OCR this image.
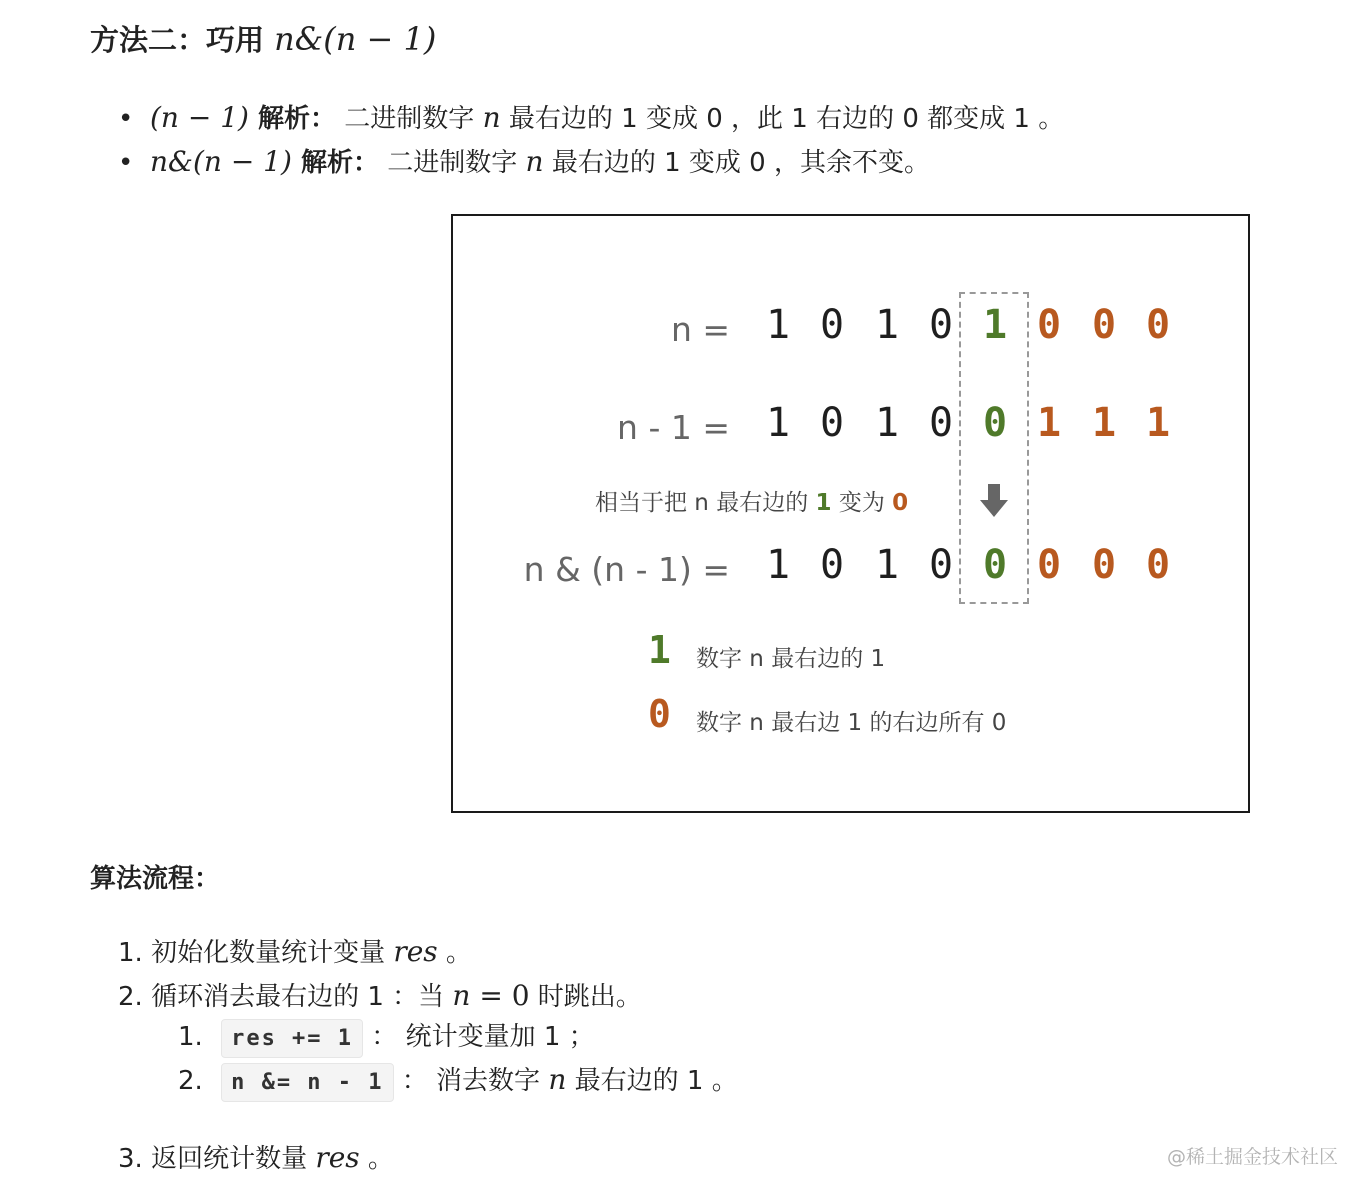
方法二：巧用 n&(n − 1)
• (n − 1) 解析： 二进制数字 n 最右边的 1 变成 0 ，此 1 右边的 0 都变成 1 。
• n&(n − 1) 解析： 二进制数字 n 最右边的 1 变成 0 ，其余不变。
n =
n - 1 =
n & (n - 1) =
1 0 1 0 1 0 0 0
1 0 1 0 0 1 1 1
1 0 1 0 0 0 0 0
相当于把 n 最右边的 1 变为 0
1 数字 n 最右边的 1
0 数字 n 最右边 1 的右边所有 0
算法流程：
1. 初始化数量统计变量 res 。
2. 循环消去最右边的 1 ：当 n = 0 时跳出。
1. res += 1 ： 统计变量加 1 ；
2. n &= n - 1 ： 消去数字 n 最右边的 1 。
3. 返回统计数量 res 。	@稀土掘金技术社区
